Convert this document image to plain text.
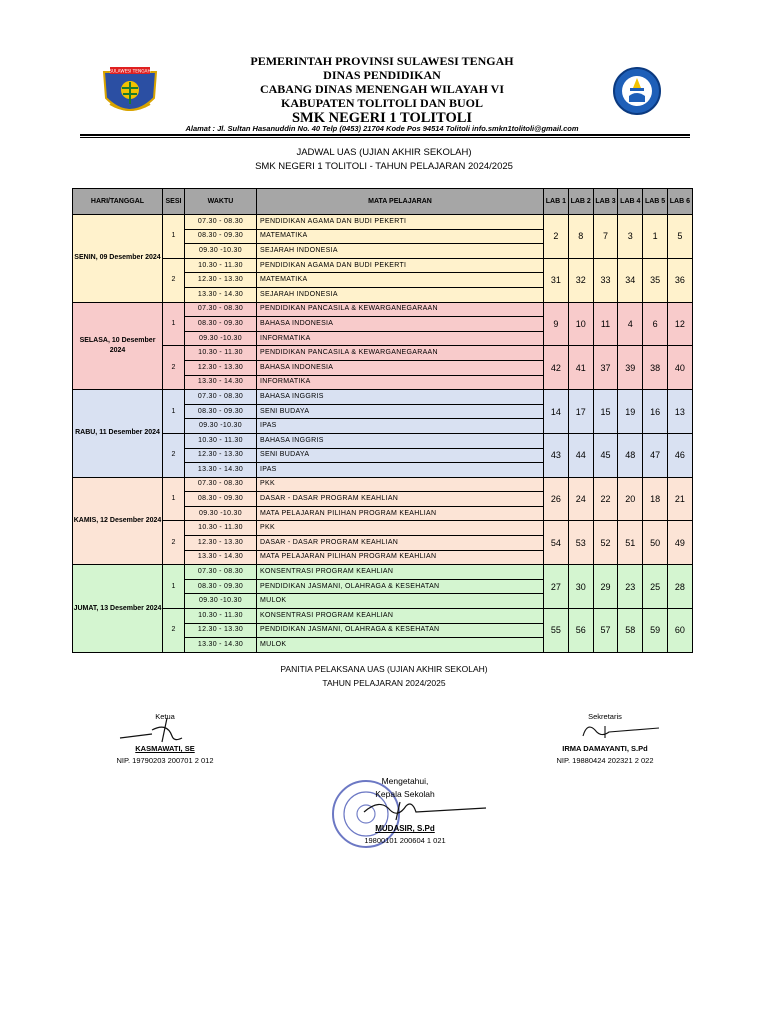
SULAWESI TENGAH
PEMERINTAH PROVINSI SULAWESI TENGAH
DINAS PENDIDIKAN
CABANG DINAS MENENGAH WILAYAH VI
KABUPATEN TOLITOLI DAN BUOL
SMK NEGERI 1 TOLITOLI
Alamat : Jl. Sultan Hasanuddin No. 40 Telp (0453) 21704 Kode Pos 94514 Tolitoli info.smkn1tolitoli@gmail.com
JADWAL UAS (UJIAN AKHIR SEKOLAH)
SMK NEGERI 1 TOLITOLI - TAHUN PELAJARAN 2024/2025
HARI/TANGGAL	SESI	WAKTU	MATA PELAJARAN	LAB 1	LAB 2	LAB 3	LAB 4	LAB 5	LAB 6
SENIN, 09 Desember 2024	1	07.30 - 08.30	PENDIDIKAN AGAMA DAN BUDI PEKERTI	2	8	7	3	1	5
		08.30 - 09.30	MATEMATIKA						
		09.30 -10.30	SEJARAH INDONESIA						
	2	10.30 - 11.30	PENDIDIKAN AGAMA DAN BUDI PEKERTI	31	32	33	34	35	36
		12.30 - 13.30	MATEMATIKA						
		13.30 - 14.30	SEJARAH INDONESIA						
SELASA, 10 Desember 2024	1	07.30 - 08.30	PENDIDIKAN PANCASILA & KEWARGANEGARAAN	9	10	11	4	6	12
		08.30 - 09.30	BAHASA INDONESIA						
		09.30 -10.30	INFORMATIKA						
	2	10.30 - 11.30	PENDIDIKAN PANCASILA & KEWARGANEGARAAN	42	41	37	39	38	40
		12.30 - 13.30	BAHASA INDONESIA						
		13.30 - 14.30	INFORMATIKA						
RABU, 11 Desember 2024	1	07.30 - 08.30	BAHASA INGGRIS	14	17	15	19	16	13
		08.30 - 09.30	SENI BUDAYA						
		09.30 -10.30	IPAS						
	2	10.30 - 11.30	BAHASA INGGRIS	43	44	45	48	47	46
		12.30 - 13.30	SENI BUDAYA						
		13.30 - 14.30	IPAS						
KAMIS, 12 Desember 2024	1	07.30 - 08.30	PKK	26	24	22	20	18	21
		08.30 - 09.30	DASAR - DASAR PROGRAM KEAHLIAN						
		09.30 -10.30	MATA PELAJARAN PILIHAN PROGRAM KEAHLIAN						
	2	10.30 - 11.30	PKK	54	53	52	51	50	49
		12.30 - 13.30	DASAR - DASAR PROGRAM KEAHLIAN						
		13.30 - 14.30	MATA PELAJARAN PILIHAN PROGRAM KEAHLIAN						
JUMAT, 13 Desember 2024	1	07.30 - 08.30	KONSENTRASI PROGRAM KEAHLIAN	27	30	29	23	25	28
		08.30 - 09.30	PENDIDIKAN JASMANI, OLAHRAGA & KESEHATAN						
		09.30 -10.30	MULOK						
	2	10.30 - 11.30	KONSENTRASI PROGRAM KEAHLIAN	55	56	57	58	59	60
		12.30 - 13.30	PENDIDIKAN JASMANI, OLAHRAGA & KESEHATAN						
		13.30 - 14.30	MULOK						
PANITIA PELAKSANA UAS (UJIAN AKHIR SEKOLAH)
TAHUN PELAJARAN 2024/2025
Ketua
KASMAWATI, SE
NIP. 19790203 200701 2 012
Sekretaris
IRMA DAMAYANTI, S.Pd
NIP. 19880424 202321 2 022
Mengetahui,
Kepala Sekolah
MUDASIR, S.Pd
19800101 200604 1 021
